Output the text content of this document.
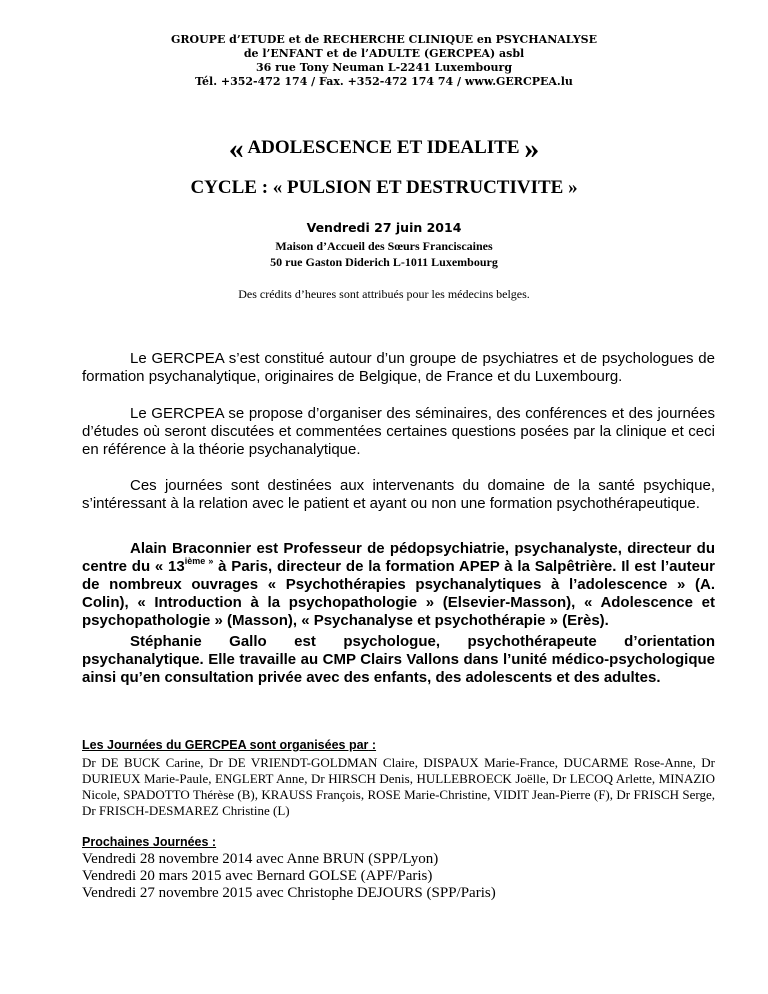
GROUPE d’ETUDE et de RECHERCHE CLINIQUE en PSYCHANALYSE
de l’ENFANT et de l’ADULTE (GERCPEA) asbl
36 rue Tony Neuman L-2241 Luxembourg
Tél. +352-472 174 / Fax. +352-472 174 74 / www.GERCPEA.lu
« ADOLESCENCE ET IDEALITE »
CYCLE : « PULSION ET DESTRUCTIVITE »
Vendredi 27 juin 2014
Maison d’Accueil des Sœurs Franciscaines
50 rue Gaston Diderich L-1011 Luxembourg
Des crédits d’heures sont attribués pour les médecins belges.

Le GERCPEA s’est constitué autour d’un groupe de psychiatres et de psychologues de formation psychanalytique, originaires de Belgique, de France et du Luxembourg.

Le GERCPEA se propose d’organiser des séminaires, des conférences et des journées d’études où seront discutées et commentées certaines questions posées par la clinique et ceci en référence à la théorie psychanalytique.

Ces journées sont destinées aux intervenants du domaine de la santé psychique, s’intéressant à la relation avec le patient et ayant ou non une formation psychothérapeutique.

Alain Braconnier est Professeur de pédopsychiatrie, psychanalyste, directeur du centre du « $13^{ième »}$ à Paris, directeur de la formation APEP à la Salpêtrière. Il est l’auteur de nombreux ouvrages « Psychothérapies psychanalytiques à l’adolescence » (A. Colin), « Introduction à la psychopathologie » (Elsevier-Masson), « Adolescence et psychopathologie » (Masson), « Psychanalyse et psychothérapie » (Erès).

Stéphanie Gallo est psychologue, psychothérapeute d’orientation psychanalytique. Elle travaille au CMP Clairs Vallons dans l’unité médico-psychologique ainsi qu’en consultation privée avec des enfants, des adolescents et des adultes.

Les Journées du GERCPEA sont organisées par :

Dr DE BUCK Carine, Dr DE VRIENDT-GOLDMAN Claire, DISPAUX Marie-France, DUCARME Rose-Anne, Dr DURIEUX Marie-Paule, ENGLERT Anne, Dr HIRSCH Denis, HULLEBROECK Joëlle, Dr LECOQ Arlette, MINAZIO Nicole, SPADOTTO Thérèse (B), KRAUSS François, ROSE Marie-Christine, VIDIT Jean-Pierre (F), Dr FRISCH Serge, Dr FRISCH-DESMAREZ Christine (L)

Prochaines Journées :
Vendredi 28 novembre 2014 avec Anne BRUN (SPP/Lyon)
Vendredi 20 mars 2015 avec Bernard GOLSE (APF/Paris)
Vendredi 27 novembre 2015 avec Christophe DEJOURS (SPP/Paris)
